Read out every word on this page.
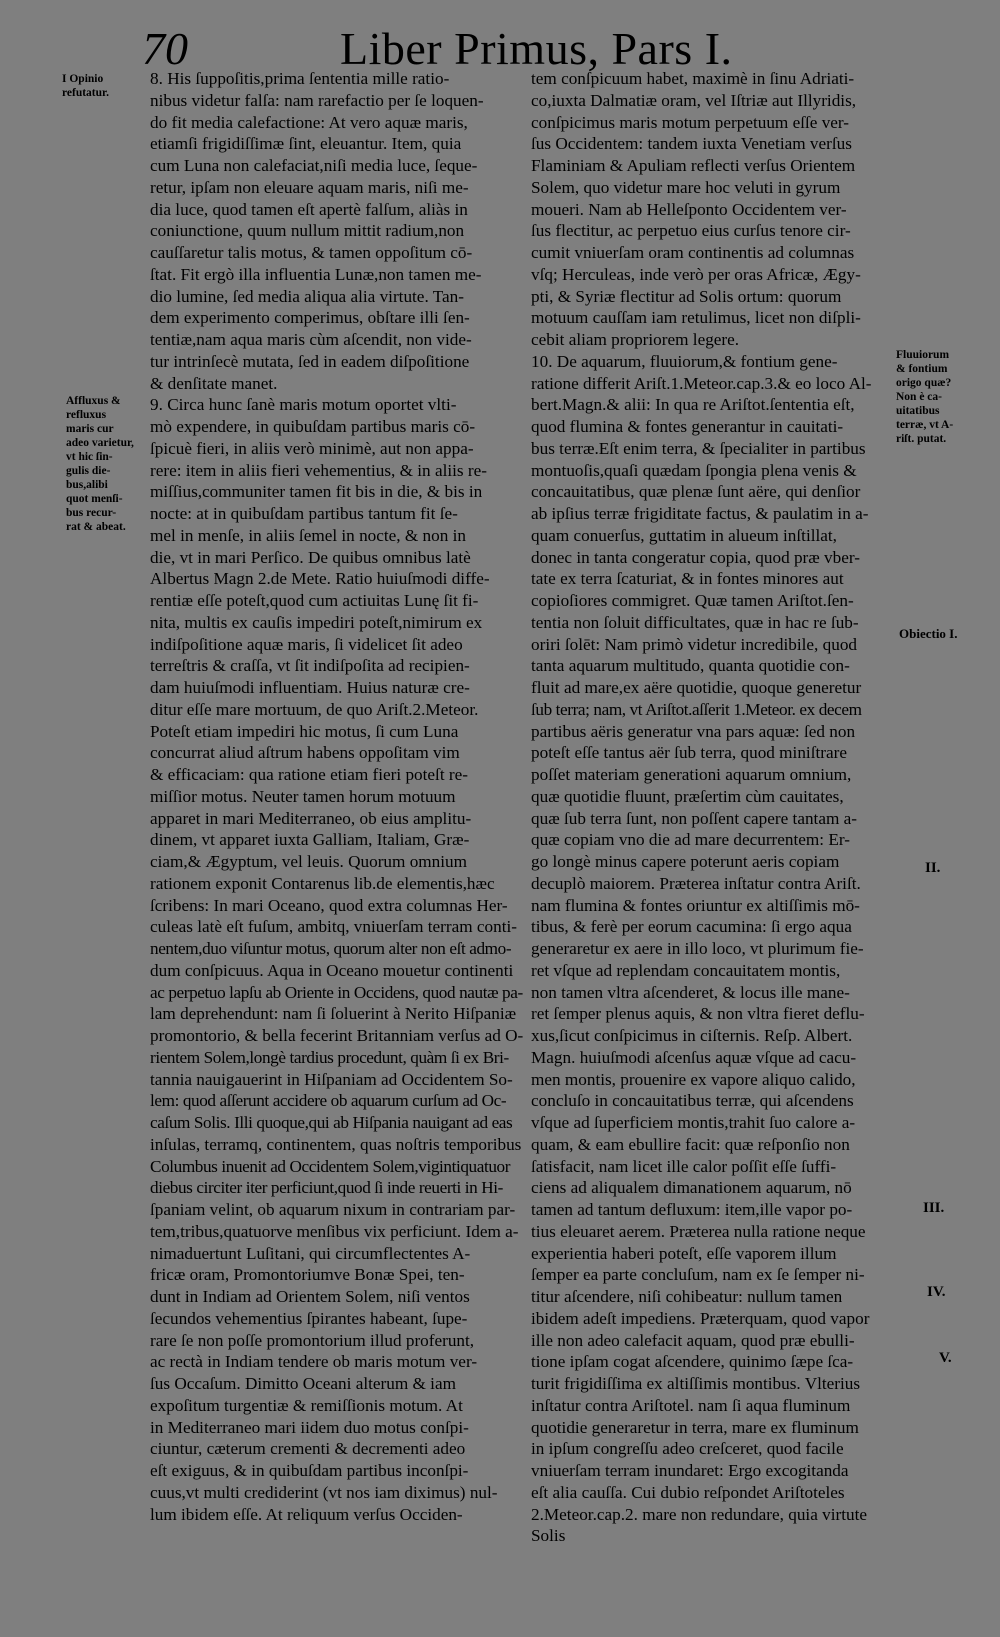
70	Liber Primus, Pars I.

8. His ſuppoſitis,prima ſententia mille ratio-

nibus videtur falſa: nam rarefactio per ſe loquen-

do fit media calefactione: At vero aquæ maris,

etiamſi frigidiſſimæ ſint, eleuantur. Item, quia

cum Luna non calefaciat,niſi media luce, ſeque-

retur, ipſam non eleuare aquam maris, niſi me-

dia luce, quod tamen eſt apertè falſum, aliàs in

coniunctione, quum nullum mittit radium,non

cauſſaretur talis motus, & tamen oppoſitum cō-

ſtat. Fit ergò illa influentia Lunæ,non tamen me-

dio lumine, ſed media aliqua alia virtute. Tan-

dem experimento comperimus, obſtare illi ſen-

tentiæ,nam aqua maris cùm aſcendit, non vide-

tur intrinſecè mutata, ſed in eadem diſpoſitione

& denſitate manet.

9. Circa hunc ſanè maris motum oportet vlti-

mò expendere, in quibuſdam partibus maris cō-

ſpicuè fieri, in aliis verò minimè, aut non appa-

rere: item in aliis fieri vehementius, & in aliis re-

miſſius,communiter tamen fit bis in die, & bis in

nocte: at in quibuſdam partibus tantum fit ſe-

mel in menſe, in aliis ſemel in nocte, & non in

die, vt in mari Perſico. De quibus omnibus latè

Albertus Magn 2.de Mete. Ratio huiuſmodi diffe-

rentiæ eſſe poteſt,quod cum actiuitas Lunę ſit fi-

nita, multis ex cauſis impediri poteſt,nimirum ex

indiſpoſitione aquæ maris, ſi videlicet ſit adeo

terreſtris & craſſa, vt ſit indiſpoſita ad recipien-

dam huiuſmodi influentiam. Huius naturæ cre-

ditur eſſe mare mortuum, de quo Ariſt.2.Meteor.

Poteſt etiam impediri hic motus, ſi cum Luna

concurrat aliud aſtrum habens oppoſitam vim

& efficaciam: qua ratione etiam fieri poteſt re-

miſſior motus. Neuter tamen horum motuum

apparet in mari Mediterraneo, ob eius amplitu-

dinem, vt apparet iuxta Galliam, Italiam, Græ-

ciam,& Ægyptum, vel leuis. Quorum omnium

rationem exponit Contarenus lib.de elementis,hæc

ſcribens: In mari Oceano, quod extra columnas Her-

culeas latè eſt fuſum, ambitq, vniuerſam terram conti-

nentem,duo viſuntur motus, quorum alter non eſt admo-

dum conſpicuus. Aqua in Oceano mouetur continenti

ac perpetuo lapſu ab Oriente in Occidens, quod nautæ pa-

lam deprehendunt: nam ſi ſoluerint à Nerito Hiſpaniæ

promontorio, & bella fecerint Britanniam verſus ad O-

rientem Solem,longè tardius procedunt, quàm ſi ex Bri-

tannia nauigauerint in Hiſpaniam ad Occidentem So-

lem: quod aſſerunt accidere ob aquarum curſum ad Oc-

caſum Solis. Illi quoque,qui ab Hiſpania nauigant ad eas

inſulas, terramq, continentem, quas noſtris temporibus

Columbus inuenit ad Occidentem Solem,vigintiquatuor

diebus circiter iter perficiunt,quod ſi inde reuerti in Hi-

ſpaniam velint, ob aquarum nixum in contrariam par-

tem,tribus,quatuorve menſibus vix perficiunt. Idem a-

nimaduertunt Luſitani, qui circumflectentes A-

fricæ oram, Promontoriumve Bonæ Spei, ten-

dunt in Indiam ad Orientem Solem, niſi ventos

ſecundos vehementius ſpirantes habeant, ſupe-

rare ſe non poſſe promontorium illud proferunt,

ac rectà in Indiam tendere ob maris motum ver-

ſus Occaſum. Dimitto Oceani alterum & iam

expoſitum turgentiæ & remiſſionis motum. At

in Mediterraneo mari iidem duo motus conſpi-

ciuntur, cæterum crementi & decrementi adeo

eſt exiguus, & in quibuſdam partibus inconſpi-

cuus,vt multi crediderint (vt nos iam diximus) nul-

lum ibidem eſſe. At reliquum verſus Occiden-

tem conſpicuum habet, maximè in ſinu Adriati-

co,iuxta Dalmatiæ oram, vel Iſtriæ aut Illyridis,

conſpicimus maris motum perpetuum eſſe ver-

ſus Occidentem: tandem iuxta Venetiam verſus

Flaminiam & Apuliam reflecti verſus Orientem

Solem, quo videtur mare hoc veluti in gyrum

moueri. Nam ab Helleſponto Occidentem ver-

ſus flectitur, ac perpetuo eius curſus tenore cir-

cumit vniuerſam oram continentis ad columnas

vſq; Herculeas, inde verò per oras Africæ, Ægy-

pti, & Syriæ flectitur ad Solis ortum: quorum

motuum cauſſam iam retulimus, licet non diſpli-

cebit aliam propriorem legere.

10. De aquarum, fluuiorum,& fontium gene-

ratione differit Ariſt.1.Meteor.cap.3.& eo loco Al-

bert.Magn.& alii: In qua re Ariſtot.ſententia eſt,

quod flumina & fontes generantur in cauitati-

bus terræ.Eſt enim terra, & ſpecialiter in partibus

montuoſis,quaſi quædam ſpongia plena venis &

concauitatibus, quæ plenæ ſunt aëre, qui denſior

ab ipſius terræ frigiditate factus, & paulatim in a-

quam conuerſus, guttatim in alueum inſtillat,

donec in tanta congeratur copia, quod præ vber-

tate ex terra ſcaturiat, & in fontes minores aut

copioſiores commigret. Quæ tamen Ariſtot.ſen-

tentia non ſoluit difficultates, quæ in hac re ſub-

oriri ſolēt: Nam primò videtur incredibile, quod

tanta aquarum multitudo, quanta quotidie con-

fluit ad mare,ex aëre quotidie, quoque generetur

ſub terra; nam, vt Ariſtot.aſſerit 1.Meteor. ex decem

partibus aëris generatur vna pars aquæ: ſed non

poteſt eſſe tantus aër ſub terra, quod miniſtrare

poſſet materiam generationi aquarum omnium,

quæ quotidie fluunt, præſertim cùm cauitates,

quæ ſub terra ſunt, non poſſent capere tantam a-

quæ copiam vno die ad mare decurrentem: Er-

go longè minus capere poterunt aeris copiam

decuplò maiorem. Præterea inſtatur contra Ariſt.

nam flumina & fontes oriuntur ex altiſſimis mō-

tibus, & ferè per eorum cacumina: ſi ergo aqua

generaretur ex aere in illo loco, vt plurimum fie-

ret vſque ad replendam concauitatem montis,

non tamen vltra aſcenderet, & locus ille mane-

ret ſemper plenus aquis, & non vltra fieret deflu-

xus,ſicut conſpicimus in ciſternis. Reſp. Albert.

Magn. huiuſmodi aſcenſus aquæ vſque ad cacu-

men montis, prouenire ex vapore aliquo calido,

concluſo in concauitatibus terræ, qui aſcendens

vſque ad ſuperficiem montis,trahit ſuo calore a-

quam, & eam ebullire facit: quæ reſponſio non

ſatisfacit, nam licet ille calor poſſit eſſe ſuffi-

ciens ad aliqualem dimanationem aquarum, nō

tamen ad tantum defluxum: item,ille vapor po-

tius eleuaret aerem. Præterea nulla ratione neque

experientia haberi poteſt, eſſe vaporem illum

ſemper ea parte concluſum, nam ex ſe ſemper ni-

titur aſcendere, niſi cohibeatur: nullum tamen

ibidem adeſt impediens. Præterquam, quod vapor

ille non adeo calefacit aquam, quod præ ebulli-

tione ipſam cogat aſcendere, quinimo ſæpe ſca-

turit frigidiſſima ex altiſſimis montibus. Vlterius

inſtatur contra Ariſtotel. nam ſi aqua fluminum

quotidie generaretur in terra, mare ex fluminum

in ipſum congreſſu adeo creſceret, quod facile

vniuerſam terram inundaret: Ergo excogitanda

eſt alia cauſſa. Cui dubio reſpondet Ariſtoteles

2.Meteor.cap.2. mare non redundare, quia virtute

Solis

I Opinio

refutatur.

Affluxus &

refluxus

maris cur

adeo varietur,

vt hic ſin-

gulis die-

bus,alibi

quot menſi-

bus recur-

rat & abeat.

Fluuiorum

& fontium

origo quæ?

Non è ca-

uitatibus

terræ, vt A-

riſt. putat.

Obiectio I.

II.
III.
IV.
V.
